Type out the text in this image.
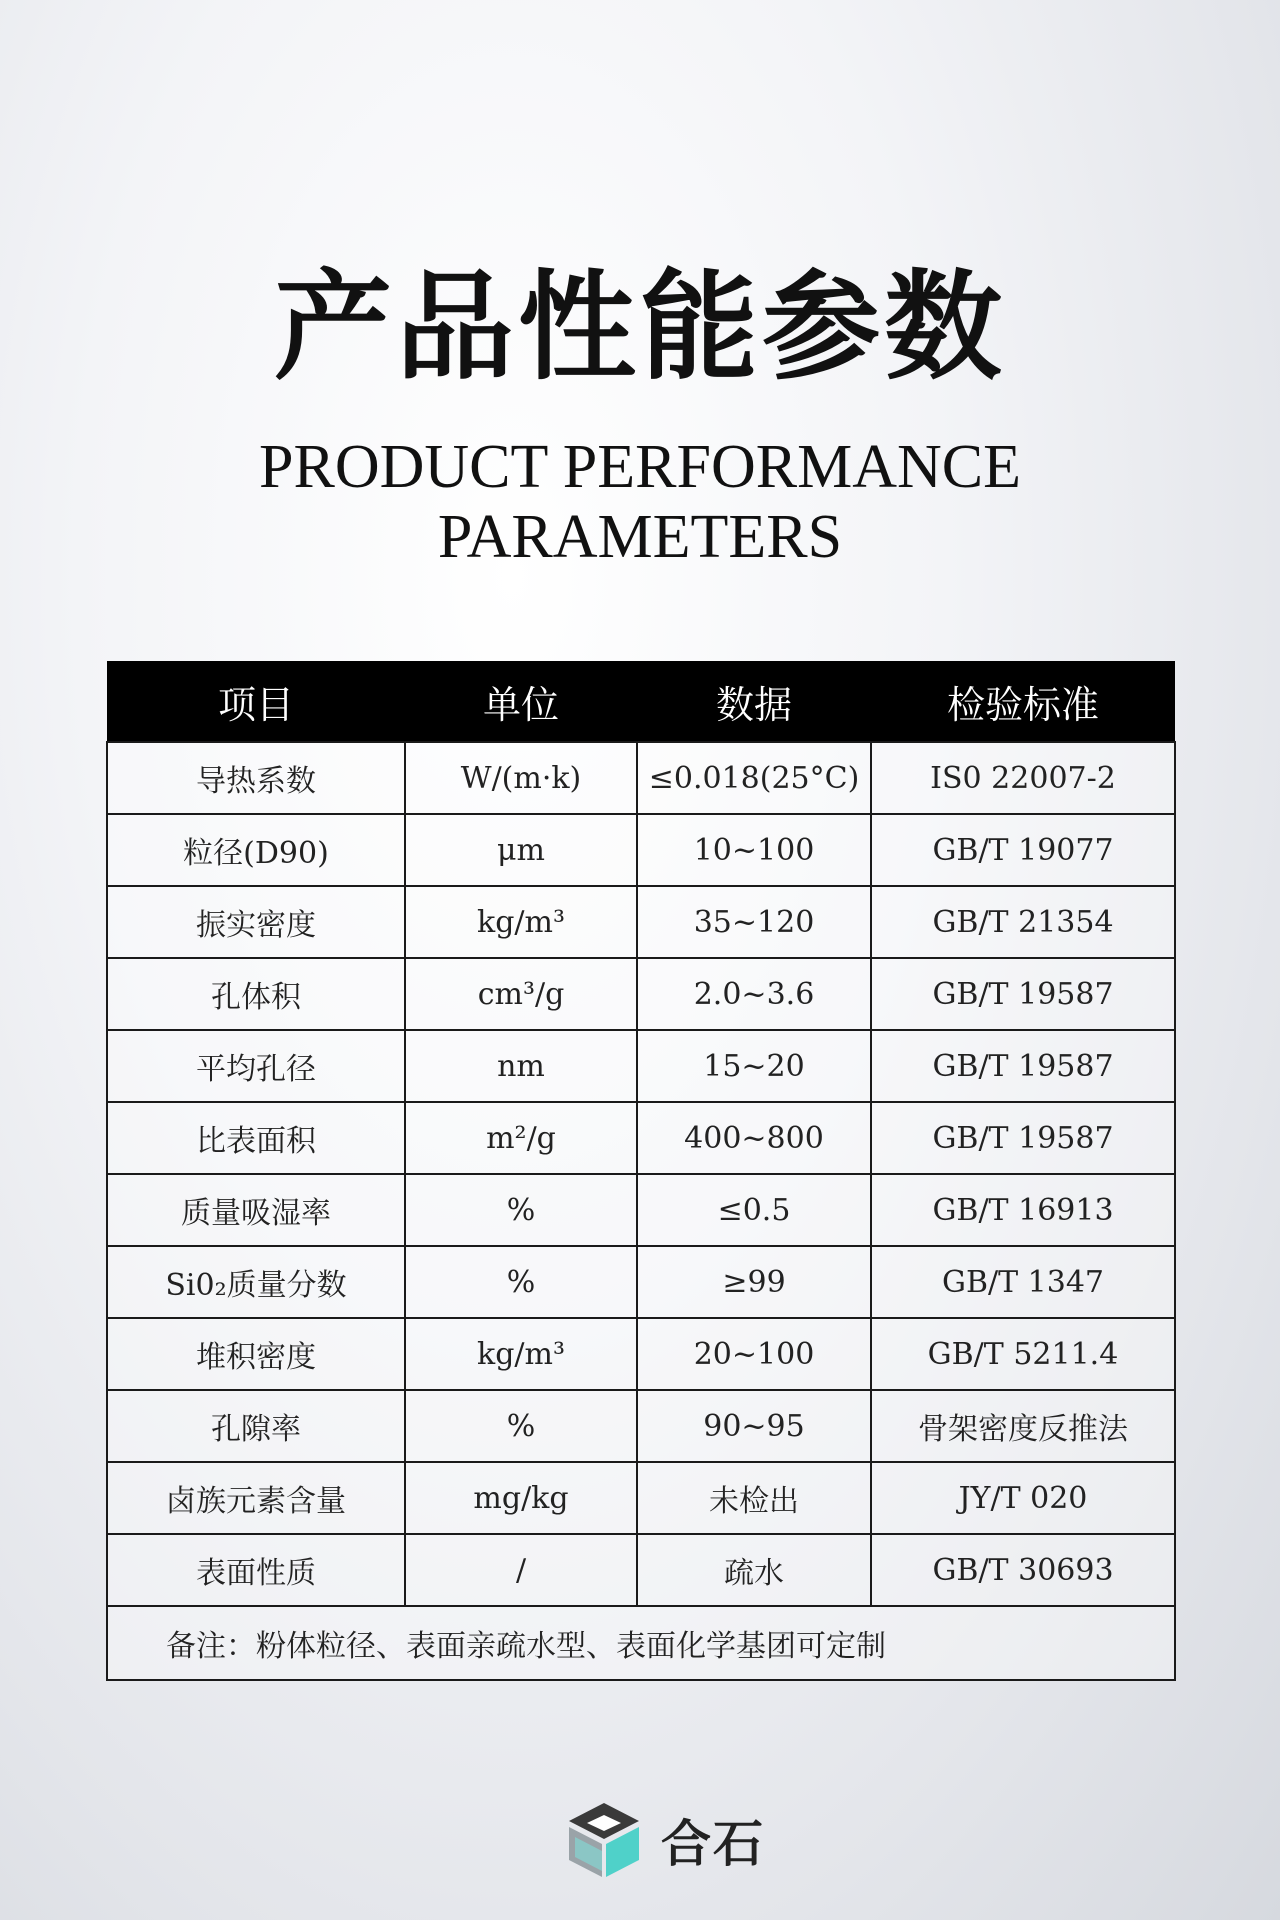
产品性能参数
PRODUCT PERFORMANCE
PARAMETERS
项目	单位	数据	检验标准
导热系数	W/(m·k)	≤0.018(25°C)	IS0 22007-2
粒径(D90)	μm	10~100	GB/T 19077
振实密度	kg/m³	35~120	GB/T 21354
孔体积	cm³/g	2.0~3.6	GB/T 19587
平均孔径	nm	15~20	GB/T 19587
比表面积	m²/g	400~800	GB/T 19587
质量吸湿率	%	≤0.5	GB/T 16913
Si0₂质量分数	%	≥99	GB/T 1347
堆积密度	kg/m³	20~100	GB/T 5211.4
孔隙率	%	90~95	骨架密度反推法
卤族元素含量	mg/kg	未检出	JY/T 020
表面性质	/	疏水	GB/T 30693
备注：粉体粒径、表面亲疏水型、表面化学基团可定制			
合石
